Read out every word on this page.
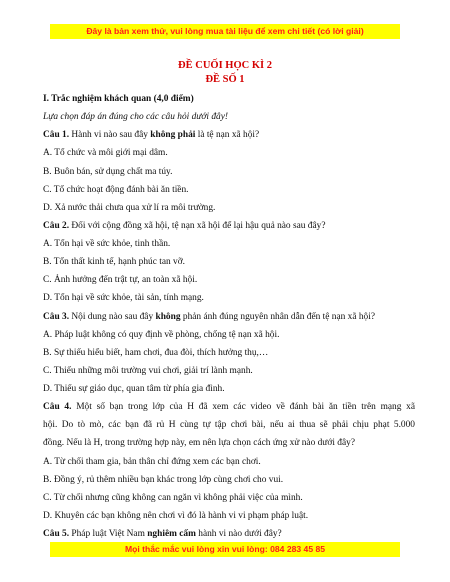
Đây là bản xem thử, vui lòng mua tài liệu để xem chi tiết (có lời giải)
ĐỀ CUỐI HỌC KÌ 2
ĐỀ SỐ 1
I. Trắc nghiệm khách quan (4,0 điểm)
Lựa chọn đáp án đúng cho các câu hỏi dưới đây!
Câu 1. Hành vi nào sau đây không phải là tệ nạn xã hội?
A. Tổ chức và môi giới mại dâm.
B. Buôn bán, sử dụng chất ma túy.
C. Tổ chức hoạt động đánh bài ăn tiền.
D. Xả nước thải chưa qua xử lí ra môi trường.
Câu 2. Đối với cộng đồng xã hội, tệ nạn xã hội để lại hậu quả nào sau đây?
A. Tổn hại về sức khỏe, tinh thần.
B. Tổn thất kinh tế, hạnh phúc tan vỡ.
C. Ảnh hưởng đến trật tự, an toàn xã hội.
D. Tổn hại về sức khỏe, tài sản, tính mạng.
Câu 3. Nội dung nào sau đây không phản ánh đúng nguyên nhân dẫn đến tệ nạn xã hội?
A. Pháp luật không có quy định về phòng, chống tệ nạn xã hội.
B. Sự thiếu hiểu biết, ham chơi, đua đòi, thích hưởng thụ,…
C. Thiếu những môi trường vui chơi, giải trí lành mạnh.
D. Thiếu sự giáo dục, quan tâm từ phía gia đình.
Câu 4. Một số bạn trong lớp của H đã xem các video về đánh bài ăn tiền trên mạng xã
hội. Do tò mò, các bạn đã rủ H cùng tự tập chơi bài, nếu ai thua sẽ phải chịu phạt 5.000
đồng. Nếu là H, trong trường hợp này, em nên lựa chọn cách ứng xử nào dưới đây?
A. Từ chối tham gia, bản thân chỉ đứng xem các bạn chơi.
B. Đồng ý, rủ thêm nhiều bạn khác trong lớp cùng chơi cho vui.
C. Từ chối nhưng cũng không can ngăn vì không phải việc của mình.
D. Khuyên các bạn không nên chơi vì đó là hành vi vi phạm pháp luật.
Câu 5. Pháp luật Việt Nam nghiêm cấm hành vi nào dưới đây?
Mọi thắc mắc vui lòng xin vui lòng: 084 283 45 85
